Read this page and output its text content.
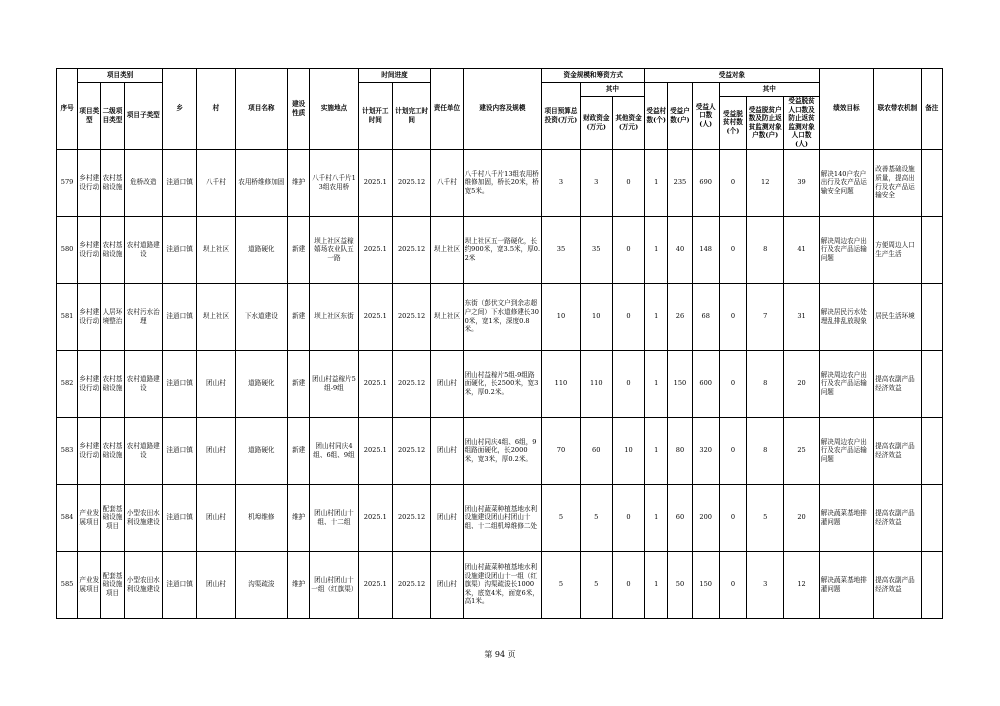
序号	项目类别			乡	村	项目名称	建设性质	实施地点	时间进度		责任单位	建设内容及规模	资金规模和筹资方式			受益对象						绩效目标	联农带农机制	备注
	项目类型	二级项目类型	项目子类型						计划开工时间	计划完工时间			项目预算总投资(万元)	其中		受益村数(个)	受益户数(户)	受益人口数(人)	其中					
														财政资金(万元)	其他资金(万元)				受益脱贫村数(个)	受益脱贫户数及防止返贫监测对象户数(户)	受益脱贫人口数及防止返贫监测对象人口数(人)			
579	乡村建设行动	农村基础设施	危桥改造	洼逍口镇	八千村	农用桥维修加固	维护	八千村八千片13组农用桥	2025.1	2025.12	八千村	八千村八千片13组农用桥维修加固，桥长20米，桥宽5米。	3	3	0	1	235	690	0	12	39	解决140户农户出行及农产品运输安全问题	改善基础设施质量，提高出行及农产品运输安全	
580	乡村建设行动	农村基础设施	农村道路建设	洼逍口镇	坝上社区	道路硬化	新建	坝上社区益稼嬉场农业队五一路	2025.1	2025.12	坝上社区	坝上社区五一路硬化，长约900米，宽3.5米，厚0.2米	35	35	0	1	40	148	0	8	41	解决周边农户出行及农产品运输问题	方便周边人口生产生活	
581	乡村建设行动	人居环境整治	农村污水治理	洼逍口镇	坝上社区	下水道建设	新建	坝上社区东街	2025.1	2025.12	坝上社区	东街（彭伏文户到余志超户之间）下水道修建长300米，宽1米，深度0.8米。	10	10	0	1	26	68	0	7	31	解决居民污水处理乱排乱放现象	居民生活环境	
582	乡村建设行动	农村基础设施	农村道路建设	洼逍口镇	团山村	道路硬化	新建	团山村益稼片5组-9组	2025.1	2025.12	团山村	团山村益稼片5组-9组路面硬化，长2500米，宽3米，厚0.2米。	110	110	0	1	150	600	0	8	20	解决周边农户出行及农产品运输问题	提高农副产品经济效益	
583	乡村建设行动	农村基础设施	农村道路建设	洼逍口镇	团山村	道路硬化	新建	团山村同庆4组、6组、9组	2025.1	2025.12	团山村	团山村同庆4组、6组，9组路面硬化，长2000米，宽3米，厚0.2米。	70	60	10	1	80	320	0	8	25	解决周边农户出行及农产品运输问题	提高农副产品经济效益	
584	产业发展项目	配套基础设施项目	小型农田水利设施建设	洼逍口镇	团山村	机埠维修	维护	团山村团山十组、十二组	2025.1	2025.12	团山村	团山村蔬菜种植基地水利设施建设团山村团山十组、十二组机埠维修二处	5	5	0	1	60	200	0	5	20	解决蔬菜基地排灌问题	提高农副产品经济效益	
585	产业发展项目	配套基础设施项目	小型农田水利设施建设	洼逍口镇	团山村	沟渠疏浚	维护	团山村团山十一组（红旗渠）	2025.1	2025.12	团山村	团山村蔬菜种植基地水利设施建设团山十一组（红旗渠）沟渠疏浚长1000米，底宽4米，面宽6米，高1米。	5	5	0	1	50	150	0	3	12	解决蔬菜基地排灌问题	提高农副产品经济效益	
第 94 页
